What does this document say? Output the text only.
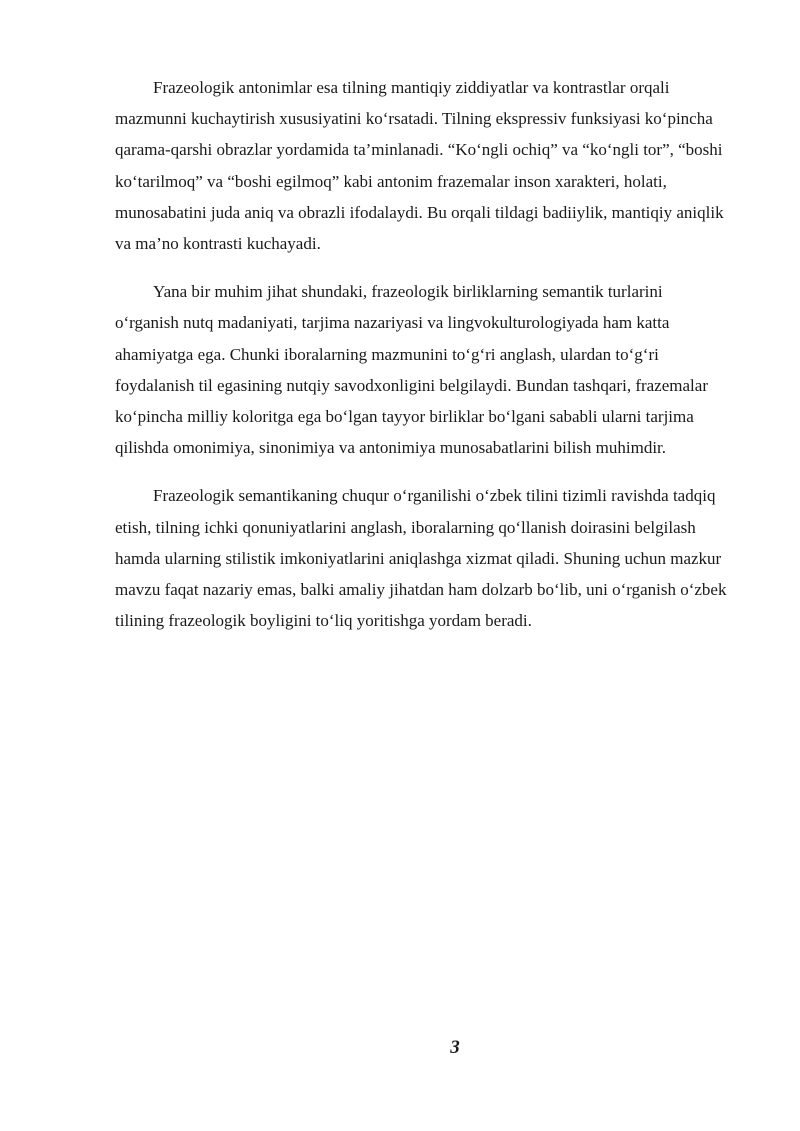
Frazeologik antonimlar esa tilning mantiqiy ziddiyatlar va kontrastlar orqali mazmunni kuchaytirish xususiyatini ko‘rsatadi. Tilning ekspressiv funksiyasi ko‘pincha qarama-qarshi obrazlar yordamida ta’minlanadi. “Ko‘ngli ochiq” va “ko‘ngli tor”, “boshi ko‘tarilmoq” va “boshi egilmoq” kabi antonim frazemalar inson xarakteri, holati, munosabatini juda aniq va obrazli ifodalaydi. Bu orqali tildagi badiiylik, mantiqiy aniqlik va ma’no kontrasti kuchayadi.

Yana bir muhim jihat shundaki, frazeologik birliklarning semantik turlarini o‘rganish nutq madaniyati, tarjima nazariyasi va lingvokulturologiyada ham katta ahamiyatga ega. Chunki iboralarning mazmunini to‘g‘ri anglash, ulardan to‘g‘ri foydalanish til egasining nutqiy savodxonligini belgilaydi. Bundan tashqari, frazemalar ko‘pincha milliy koloritga ega bo‘lgan tayyor birliklar bo‘lgani sababli ularni tarjima qilishda omonimiya, sinonimiya va antonimiya munosabatlarini bilish muhimdir.

Frazeologik semantikaning chuqur o‘rganilishi o‘zbek tilini tizimli ravishda tadqiq etish, tilning ichki qonuniyatlarini anglash, iboralarning qo‘llanish doirasini belgilash hamda ularning stilistik imkoniyatlarini aniqlashga xizmat qiladi. Shuning uchun mazkur mavzu faqat nazariy emas, balki amaliy jihatdan ham dolzarb bo‘lib, uni o‘rganish o‘zbek tilining frazeologik boyligini to‘liq yoritishga yordam beradi.

3
